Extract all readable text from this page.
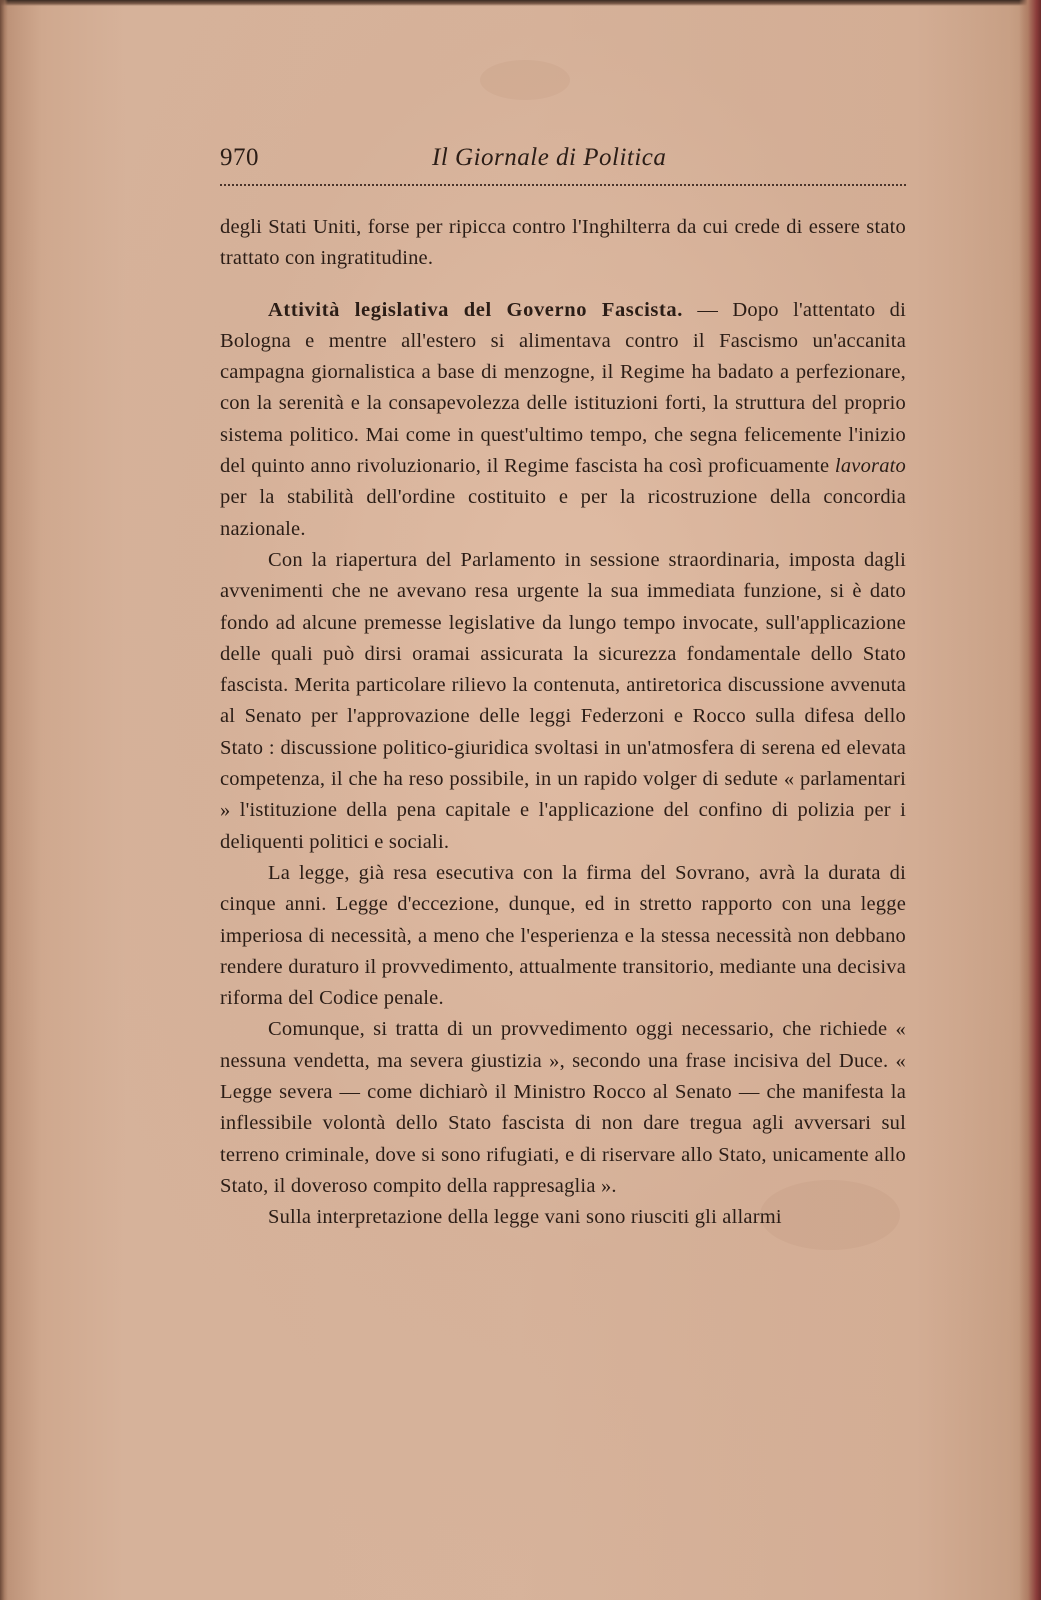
970	Il Giornale di Politica

degli Stati Uniti, forse per ripicca contro l'Inghilterra da cui crede di essere stato trattato con ingratitudine.

Attività legislativa del Governo Fascista. — Dopo l'attentato di Bologna e mentre all'estero si alimentava contro il Fascismo un'accanita campagna giornalistica a base di menzogne, il Regime ha badato a perfezionare, con la serenità e la consapevolezza delle istituzioni forti, la struttura del proprio sistema politico. Mai come in quest'ultimo tempo, che segna felicemente l'inizio del quinto anno rivoluzionario, il Regime fascista ha così proficuamente lavorato per la stabilità dell'ordine costituito e per la ricostruzione della concordia nazionale.

Con la riapertura del Parlamento in sessione straordinaria, imposta dagli avvenimenti che ne avevano resa urgente la sua immediata funzione, si è dato fondo ad alcune premesse legislative da lungo tempo invocate, sull'applicazione delle quali può dirsi oramai assicurata la sicurezza fondamentale dello Stato fascista. Merita particolare rilievo la contenuta, antiretorica discussione avvenuta al Senato per l'approvazione delle leggi Federzoni e Rocco sulla difesa dello Stato : discussione politico-giuridica svoltasi in un'atmosfera di serena ed elevata competenza, il che ha reso possibile, in un rapido volger di sedute « parlamentari » l'istituzione della pena capitale e l'applicazione del confino di polizia per i deliquenti politici e sociali.

La legge, già resa esecutiva con la firma del Sovrano, avrà la durata di cinque anni. Legge d'eccezione, dunque, ed in stretto rapporto con una legge imperiosa di necessità, a meno che l'esperienza e la stessa necessità non debbano rendere duraturo il provvedimento, attualmente transitorio, mediante una decisiva riforma del Codice penale.

Comunque, si tratta di un provvedimento oggi necessario, che richiede « nessuna vendetta, ma severa giustizia », secondo una frase incisiva del Duce. « Legge severa — come dichiarò il Ministro Rocco al Senato — che manifesta la inflessibile volontà dello Stato fascista di non dare tregua agli avversari sul terreno criminale, dove si sono rifugiati, e di riservare allo Stato, unicamente allo Stato, il doveroso compito della rappresaglia ».

Sulla interpretazione della legge vani sono riusciti gli allarmi
